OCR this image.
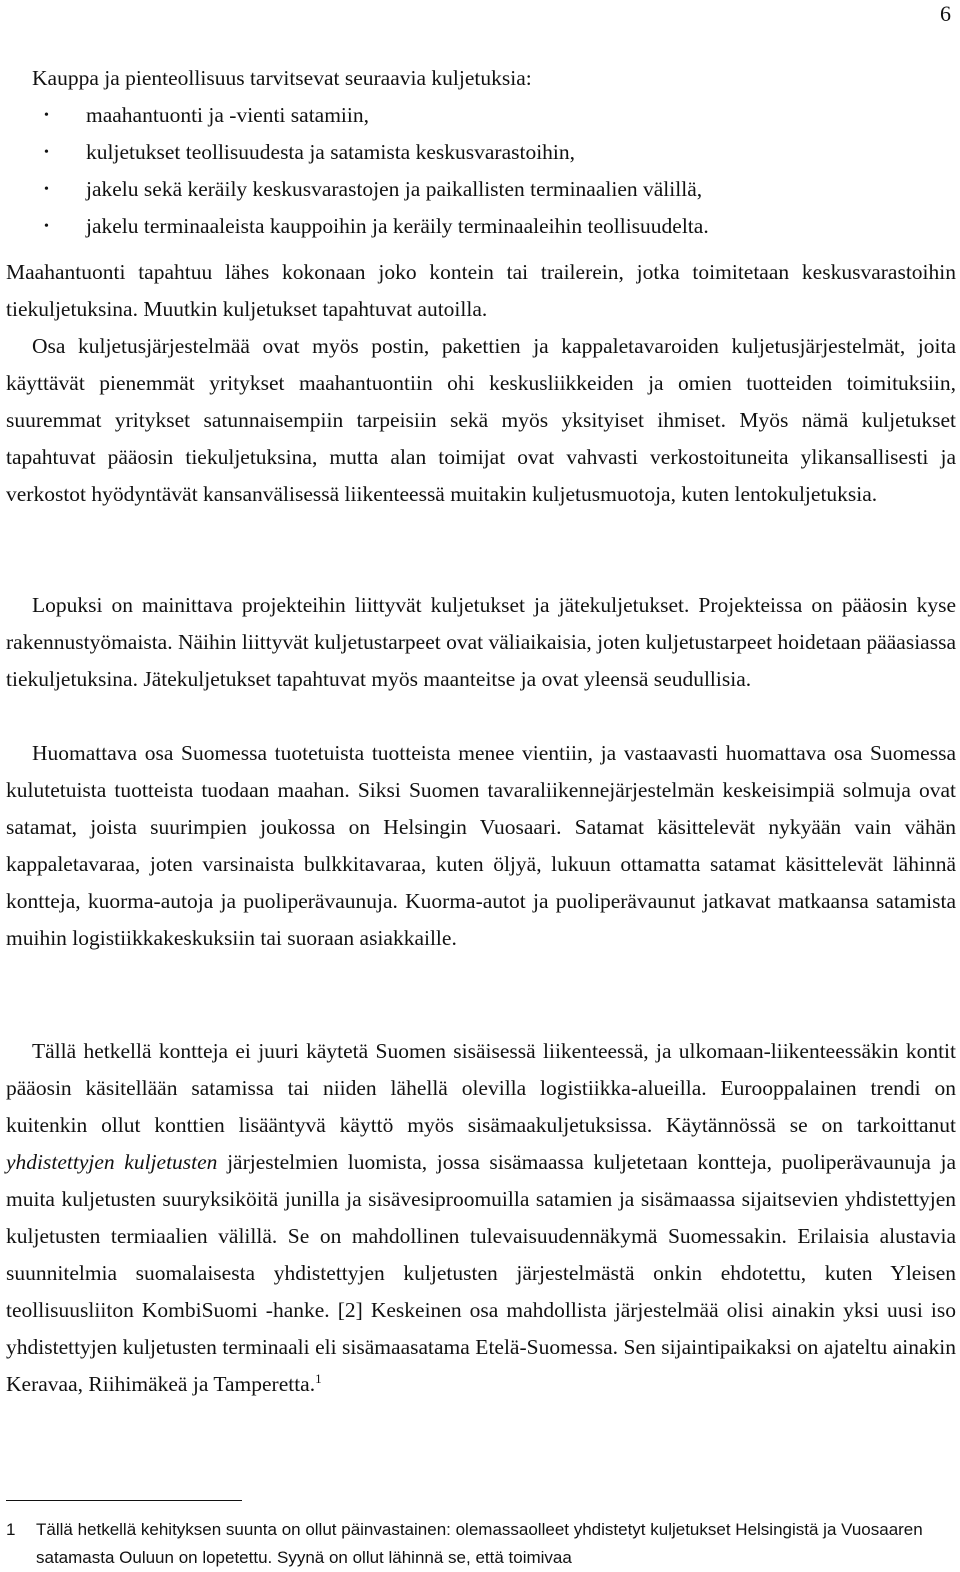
6

Kauppa ja pienteollisuus tarvitsevat seuraavia kuljetuksia:

• maahantuonti ja -vienti satamiin,
• kuljetukset teollisuudesta ja satamista keskusvarastoihin,
• jakelu sekä keräily keskusvarastojen ja paikallisten terminaalien välillä,
• jakelu terminaaleista kauppoihin ja keräily terminaaleihin teollisuudelta.

Maahantuonti tapahtuu lähes kokonaan joko kontein tai trailerein, jotka toimitetaan keskusvarastoihin tiekuljetuksina. Muutkin kuljetukset tapahtuvat autoilla.

Osa kuljetusjärjestelmää ovat myös postin, pakettien ja kappaletavaroiden kuljetusjärjestelmät, joita käyttävät pienemmät yritykset maahantuontiin ohi keskusliikkeiden ja omien tuotteiden toimituksiin, suuremmat yritykset satunnaisempiin tarpeisiin sekä myös yksityiset ihmiset. Myös nämä kuljetukset tapahtuvat pääosin tiekuljetuksina, mutta alan toimijat ovat vahvasti verkostoituneita ylikansallisesti ja verkostot hyödyntävät kansanvälisessä liikenteessä muitakin kuljetusmuotoja, kuten lentokuljetuksia.

Lopuksi on mainittava projekteihin liittyvät kuljetukset ja jätekuljetukset. Projekteissa on pääosin kyse rakennustyömaista. Näihin liittyvät kuljetustarpeet ovat väliaikaisia, joten kuljetustarpeet hoidetaan pääasiassa tiekuljetuksina. Jätekuljetukset tapahtuvat myös maanteitse ja ovat yleensä seudullisia.

Huomattava osa Suomessa tuotetuista tuotteista menee vientiin, ja vastaavasti huomattava osa Suomessa kulutetuista tuotteista tuodaan maahan. Siksi Suomen tavaraliikennejärjestelmän keskeisimpiä solmuja ovat satamat, joista suurimpien joukossa on Helsingin Vuosaari. Satamat käsittelevät nykyään vain vähän kappaletavaraa, joten varsinaista bulkkitavaraa, kuten öljyä, lukuun ottamatta satamat käsittelevät lähinnä kontteja, kuorma-autoja ja puoliperävaunuja. Kuorma-autot ja puoliperävaunut jatkavat matkaansa satamista muihin logistiikkakeskuksiin tai suoraan asiakkaille.

Tällä hetkellä kontteja ei juuri käytetä Suomen sisäisessä liikenteessä, ja ulkomaan-liikenteessäkin kontit pääosin käsitellään satamissa tai niiden lähellä olevilla logistiikka-alueilla. Eurooppalainen trendi on kuitenkin ollut konttien lisääntyvä käyttö myös sisämaakuljetuksissa. Käytännössä se on tarkoittanut yhdistettyjen kuljetusten järjestelmien luomista, jossa sisämaassa kuljetetaan kontteja, puoliperävaunuja ja muita kuljetusten suuryksiköitä junilla ja sisävesiproomuilla satamien ja sisämaassa sijaitsevien yhdistettyjen kuljetusten termiaalien välillä. Se on mahdollinen tulevaisuudennäkymä Suomessakin. Erilaisia alustavia suunnitelmia suomalaisesta yhdistettyjen kuljetusten järjestelmästä onkin ehdotettu, kuten Yleisen teollisuusliiton KombiSuomi -hanke. [2] Keskeinen osa mahdollista järjestelmää olisi ainakin yksi uusi iso yhdistettyjen kuljetusten terminaali eli sisämaasatama Etelä-Suomessa. Sen sijaintipaikaksi on ajateltu ainakin Keravaa, Riihimäkeä ja Tamperetta.$^1$

1	Tällä hetkellä kehityksen suunta on ollut päinvastainen: olemassaolleet yhdistetyt kuljetukset Helsingistä ja Vuosaaren satamasta Ouluun on lopetettu. Syynä on ollut lähinnä se, että toimivaa
